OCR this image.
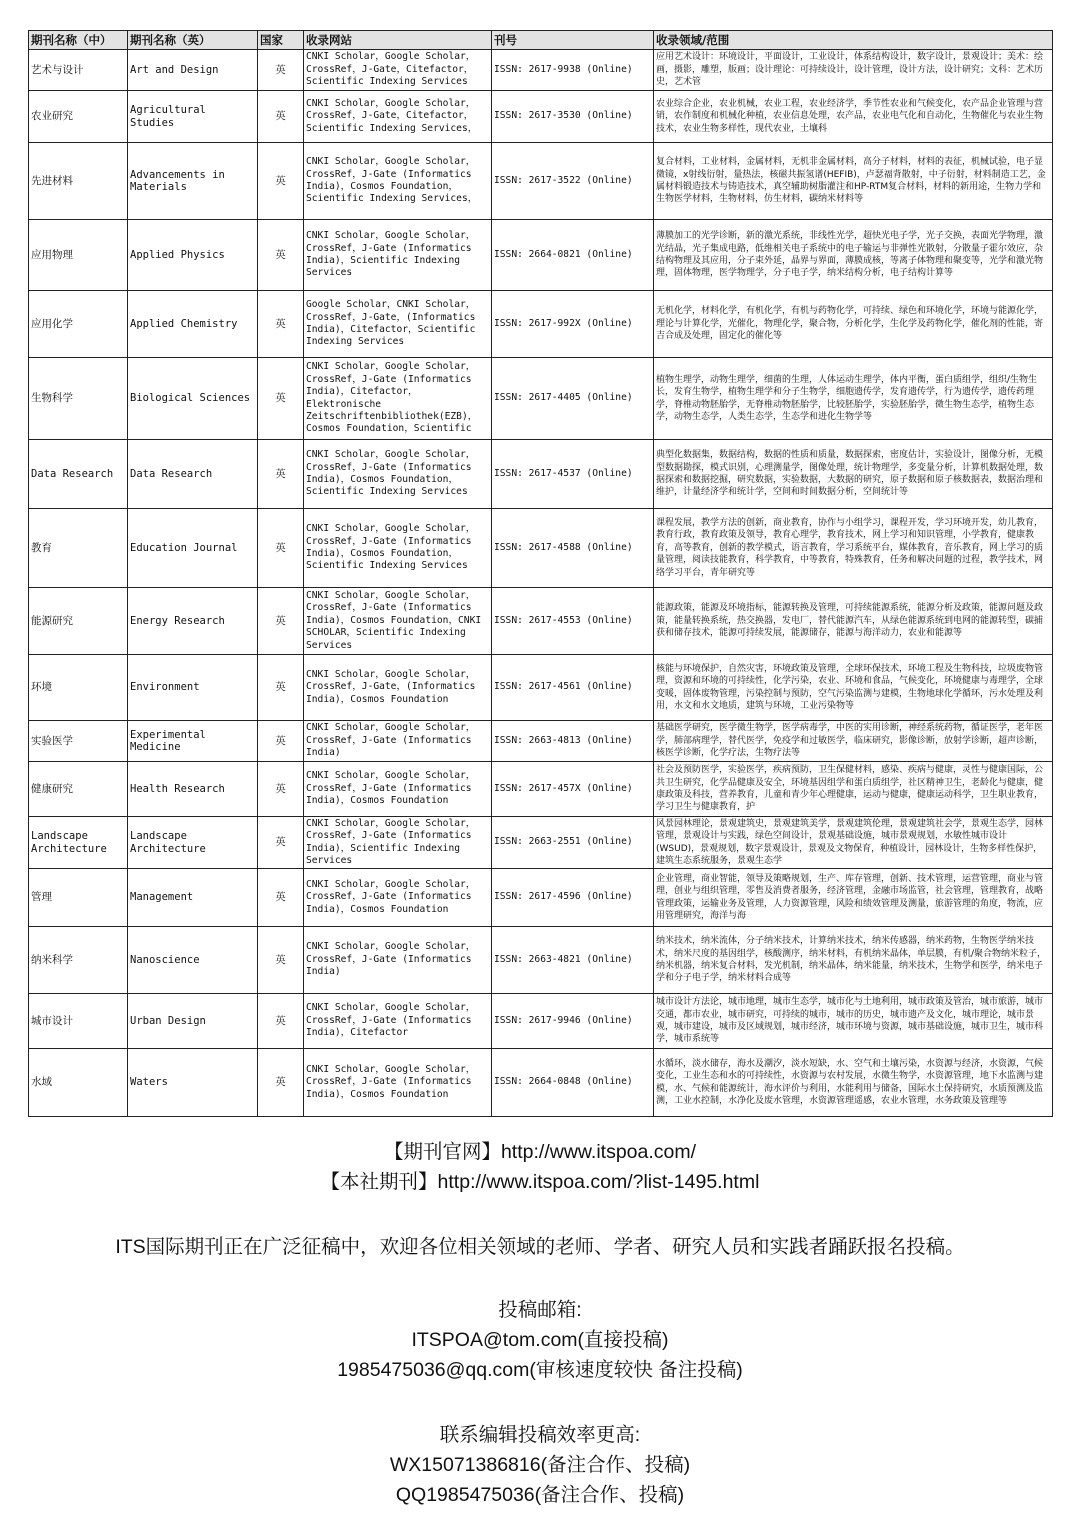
期刊名称（中）	期刊名称（英）	国家	收录网站	刊号	收录领域/范围

艺术与设计	Art and Design	英	CNKI Scholar，Google Scholar，CrossRef，J-Gate，Citefactor，Scientific Indexing Services	ISSN: 2617-9938 (Online)	应用艺术设计：环境设计，平面设计，工业设计，体系结构设计，数字设计，景观设计；美术：绘画，摄影，雕塑，版画；设计理论：可持续设计，设计管理，设计方法，设计研究；文科：艺术历史，艺术管

农业研究	Agricultural Studies	英	CNKI Scholar，Google Scholar，CrossRef，J-Gate，Citefactor，Scientific Indexing Services，	ISSN: 2617-3530 (Online)	农业综合企业，农业机械，农业工程，农业经济学，季节性农业和气候变化，农产品企业管理与营销，农作制度和机械化种植，农业信息处理，农产品，农业电气化和自动化，生物催化与农业生物技术，农业生物多样性，现代农业，土壤科

先进材料	Advancements in Materials	英	CNKI Scholar，Google Scholar，CrossRef，J-Gate (Informatics India)，Cosmos Foundation，Scientific Indexing Services，	ISSN: 2617-3522 (Online)	复合材料，工业材料，金属材料，无机非金属材料，高分子材料，材料的表征，机械试验，电子显微镜，x射线衍射，量热法，核磁共振氢谱(HEFIB)，卢瑟福背散射，中子衍射，材料制造工艺，金属材料锻造技术与铸造技术，真空辅助树脂灌注和HP-RTM复合材料，材料的新用途，生物力学和生物医学材料，生物材料，仿生材料，碳纳米材料等

应用物理	Applied Physics	英	CNKI Scholar，Google Scholar，CrossRef，J-Gate (Informatics India)，Scientific Indexing Services	ISSN: 2664-0821 (Online)	薄膜加工的光学诊断，新的激光系统，非线性光学，超快光电子学，光子交换，表面光学物理，激光结晶，光子集成电路，低维相关电子系统中的电子输运与非弹性光散射，分散量子霍尔效应，杂结构物理及其应用，分子束外延，晶界与界面，薄膜成核，等离子体物理和聚变等，光学和激光物理，固体物理，医学物理学，分子电子学，纳米结构分析，电子结构计算等

应用化学	Applied Chemistry	英	Google Scholar，CNKI Scholar，CrossRef，J-Gate，(Informatics India)，Citefactor，Scientific Indexing Services	ISSN: 2617-992X (Online)	无机化学，材料化学，有机化学，有机与药物化学，可持续、绿色和环境化学，环境与能源化学，理论与计算化学，光催化，物理化学，聚合物，分析化学，生化学及药物化学，催化剂的性能，寄吉合成及处理，固定化的催化等

生物科学	Biological Sciences	英	CNKI Scholar，Google Scholar，CrossRef，J-Gate (Informatics India)，Citefactor，Elektronische Zeitschriftenbibliothek(EZB)，Cosmos Foundation，Scientific	ISSN: 2617-4405 (Online)	植物生理学，动物生理学，细菌的生理，人体运动生理学，体内平衡，蛋白质组学，组织/生物生长，发育生物学，植物生理学和分子生物学，细胞遗传学，发育遗传学，行为遗传学，遗传药理学，脊椎动物胚胎学，无脊椎动物胚胎学，比较胚胎学，实验胚胎学，微生物生态学，植物生态学，动物生态学，人类生态学，生态学和进化生物学等

Data Research	Data Research	英	CNKI Scholar，Google Scholar，CrossRef，J-Gate (Informatics India)，Cosmos Foundation，Scientific Indexing Services	ISSN: 2617-4537 (Online)	典型化数据集，数据结构，数据的性质和质量，数据探索，密度估计，实验设计，图像分析，无模型数据勘探，模式识别，心理测量学，图像处理，统计物理学，多变量分析，计算机数据处理，数据探索和数据挖掘，研究数据，实验数据，大数据的研究，原子数据和原子核数据表，数据治理和维护，计量经济学和统计学，空间和时间数据分析，空间统计等

教育	Education Journal	英	CNKI Scholar，Google Scholar，CrossRef，J-Gate (Informatics India)，Cosmos Foundation，Scientific Indexing Services	ISSN: 2617-4588 (Online)	课程发展，教学方法的创新，商业教育，协作与小组学习，课程开发，学习环境开发，幼儿教育，教育行政，教育政策及领导，教育心理学，教育技术，网上学习和知识管理，小学教育，健康教育，高等教育，创新的教学模式，语言教育，学习系统平台，媒体教育，音乐教育，网上学习的质量管理，阅读技能教育，科学教育，中等教育，特殊教育，任务和解决问题的过程，教学技术，网络学习平台，青年研究等

能源研究	Energy Research	英	CNKI Scholar，Google Scholar，CrossRef，J-Gate (Informatics India)，Cosmos Foundation，CNKI SCHOLAR，Scientific Indexing Services	ISSN: 2617-4553 (Online)	能源政策，能源及环境指标，能源转换及管理，可持续能源系统，能源分析及政策，能源问题及政策，能量转换系统，热交换器，发电厂，替代能源汽车，从绿色能源系统到电网的能源转型，碳捕获和储存技术，能源可持续发展，能源储存，能源与海洋动力，农业和能源等

环境	Environment	英	CNKI Scholar，Google Scholar，CrossRef，J-Gate，(Informatics India)，Cosmos Foundation	ISSN: 2617-4561 (Online)	核能与环境保护，自然灾害，环境政策及管理，全球环保技术，环境工程及生物科技，垃圾废物管理，资源和环境的可持续性，化学污染，农业、环境和食品，气候变化，环境健康与毒理学，全球变暖，固体废物管理，污染控制与预防，空气污染监测与建模，生物地球化学循环，污水处理及利用，水文和水文地质，建筑与环境，工业污染物等

实验医学	Experimental Medicine	英	CNKI Scholar，Google Scholar，CrossRef，J-Gate (Informatics India)	ISSN: 2663-4813 (Online)	基础医学研究，医学微生物学，医学病毒学，中医的实用诊断，神经系统药物，循证医学，老年医学，肺部病理学，替代医学，免疫学和过敏医学，临床研究，影像诊断，放射学诊断，超声诊断，核医学诊断，化学疗法，生物疗法等

健康研究	Health Research	英	CNKI Scholar，Google Scholar，CrossRef，J-Gate (Informatics India)，Cosmos Foundation	ISSN: 2617-457X (Online)	社会及预防医学，实验医学，疾病预防，卫生保健材料，感染、疾病与健康，灵性与健康国际，公共卫生研究，化学品健康及安全，环境基因组学和蛋白质组学，社区精神卫生，老龄化与健康，健康政策及科技，营养教育，儿童和青少年心理健康，运动与健康，健康运动科学，卫生职业教育，学习卫生与健康教育，护

Landscape Architecture	Landscape Architecture	英	CNKI Scholar，Google Scholar，CrossRef，J-Gate (Informatics India)，Scientific Indexing Services	ISSN: 2663-2551 (Online)	风景园林理论，景观建筑史，景观建筑美学，景观建筑伦理，景观建筑社会学，景观生态学，园林管理，景观设计与实践，绿色空间设计，景观基础设施，城市景观规划，水敏性城市设计(WSUD)，景观规划，数字景观设计，景观及文物保育，种植设计，园林设计，生物多样性保护，建筑生态系统服务，景观生态学

管理	Management	英	CNKI Scholar，Google Scholar，CrossRef，J-Gate (Informatics India)，Cosmos Foundation	ISSN: 2617-4596 (Online)	企业管理，商业智能，领导及策略规划，生产、库存管理，创新、技术管理，运营管理，商业与管理，创业与组织管理，零售及消费者服务，经济管理，金融市场监管，社会管理，管理教育，战略管理政策，运输业务及管理，人力资源管理，风险和绩效管理及测量，旅游管理的角度，物流，应用管理研究，海洋与海

纳米科学	Nanoscience	英	CNKI Scholar，Google Scholar，CrossRef，J-Gate (Informatics India)	ISSN: 2663-4821 (Online)	纳米技术，纳米流体，分子纳米技术，计算纳米技术，纳米传感器，纳米药物，生物医学纳米技术，纳米尺度的基因组学，核酸测序，纳米材料，有机纳米晶体，单层膜，有机/聚合物纳米粒子，纳米机器，纳米复合材料，发光机制，纳米晶体，纳米能量，纳米技术，生物学和医学，纳米电子学和分子电子学，纳米材料合成等

城市设计	Urban Design	英	CNKI Scholar，Google Scholar，CrossRef，J-Gate (Informatics India)，Citefactor	ISSN: 2617-9946 (Online)	城市设计方法论，城市地理，城市生态学，城市化与土地利用，城市政策及管治，城市旅游，城市交通，都市农业，城市研究，可持续的城市，城市的历史，城市遗产及文化，城市理论，城市景观，城市建设，城市及区域规划，城市经济，城市环境与资源，城市基础设施，城市卫生，城市科学，城市系统等

水域	Waters	英	CNKI Scholar，Google Scholar，CrossRef，J-Gate (Informatics India)，Cosmos Foundation	ISSN: 2664-0848 (Online)	水循环，淡水储存，海水及潮汐，淡水短缺，水、空气和土壤污染，水资源与经济，水资源，气候变化，工业生态和水的可持续性，水资源与农村发展，水微生物学，水资源管理，地下水监测与建模，水、气候和能源统计，海水评价与利用，水能利用与储备，国际水土保持研究，水质预测及监测，工业水控制，水净化及废水管理，水资源管理遥感，农业水管理，水务政策及管理等
【期刊官网】http://www.itspoa.com/
【本社期刊】http://www.itspoa.com/?list-1495.html
ITS国际期刊正在广泛征稿中，欢迎各位相关领域的老师、学者、研究人员和实践者踊跃报名投稿。
投稿邮箱:
ITSPOA@tom.com(直接投稿)
1985475036@qq.com(审核速度较快 备注投稿)
联系编辑投稿效率更高:
WX15071386816(备注合作、投稿)
QQ1985475036(备注合作、投稿)
